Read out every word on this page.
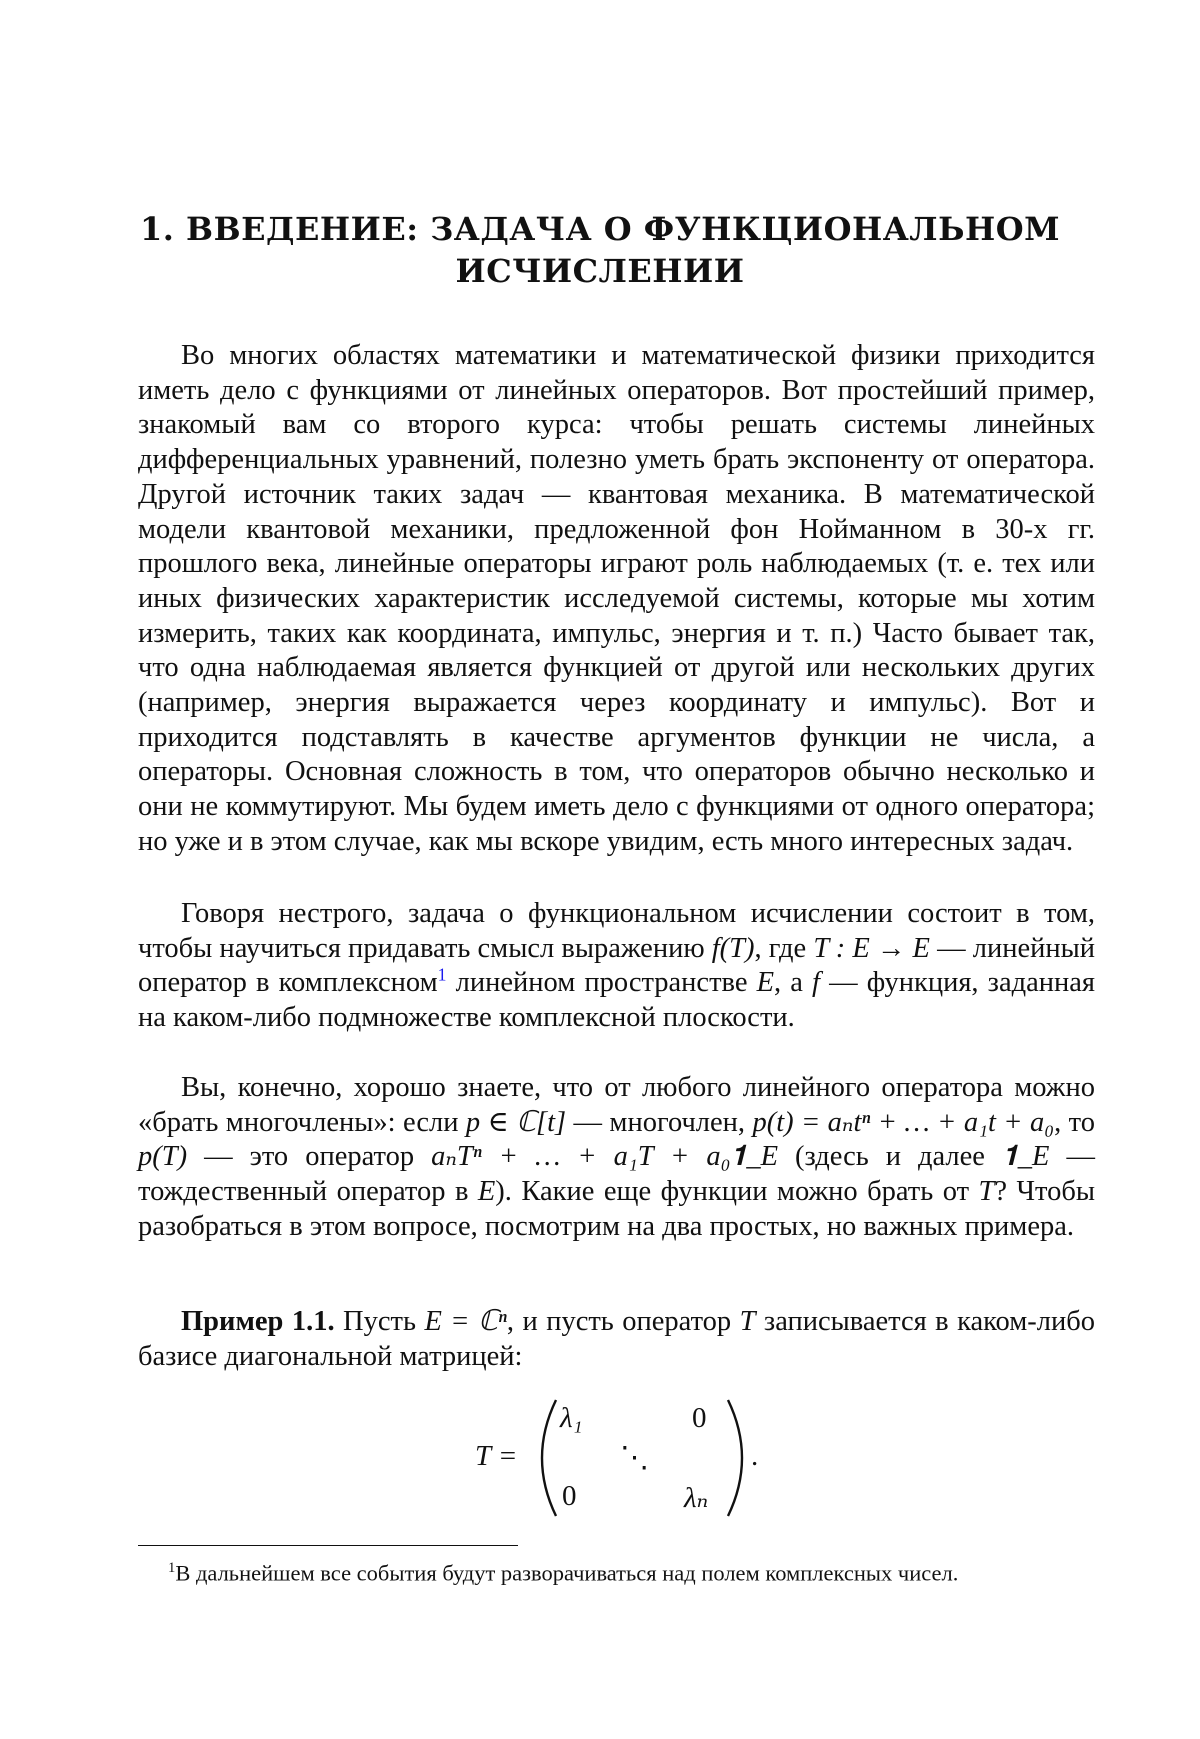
1. ВВЕДЕНИЕ: ЗАДАЧА О ФУНКЦИОНАЛЬНОМ
ИСЧИСЛЕНИИ

Во многих областях математики и математической физики приходится иметь дело с функциями от линейных операторов. Вот простейший пример, знакомый вам со второго курса: чтобы решать системы линейных дифференциальных уравнений, полезно уметь брать экспоненту от оператора. Другой источник таких задач — квантовая механика. В математической модели квантовой механики, предложенной фон Нойманном в 30-х гг. прошлого века, линейные операторы играют роль наблюдаемых (т. е. тех или иных физических характеристик исследуемой системы, которые мы хотим измерить, таких как координата, импульс, энергия и т. п.) Часто бывает так, что одна наблюдаемая является функцией от другой или нескольких других (например, энергия выражается через координату и импульс). Вот и приходится подставлять в качестве аргументов функции не числа, а операторы. Основная сложность в том, что операторов обычно несколько и они не коммутируют. Мы будем иметь дело с функциями от одного оператора; но уже и в этом случае, как мы вскоре увидим, есть много интересных задач.

Говоря нестрого, задача о функциональном исчислении состоит в том, чтобы научиться придавать смысл выражению f(T), где T : E → E — линейный оператор в комплексном1 линейном пространстве E, а f — функция, заданная на каком-либо подмножестве комплексной плоскости.

Вы, конечно, хорошо знаете, что от любого линейного оператора можно «брать многочлены»: если p ∈ ℂ[t] — многочлен, p(t) = aₙtⁿ + … + a₁t + a₀, то p(T) — это оператор aₙTⁿ + … + a₁T + a₀𝟏_E (здесь и далее 𝟏_E — тождественный оператор в E). Какие еще функции можно брать от T? Чтобы разобраться в этом вопросе, посмотрим на два простых, но важных примера.

Пример 1.1. Пусть E = ℂⁿ, и пусть оператор T записывается в каком-либо базисе диагональной матрицей:

T =
λ₁	0
⋱
0	λₙ
.
1В дальнейшем все события будут разворачиваться над полем комплексных чисел.
